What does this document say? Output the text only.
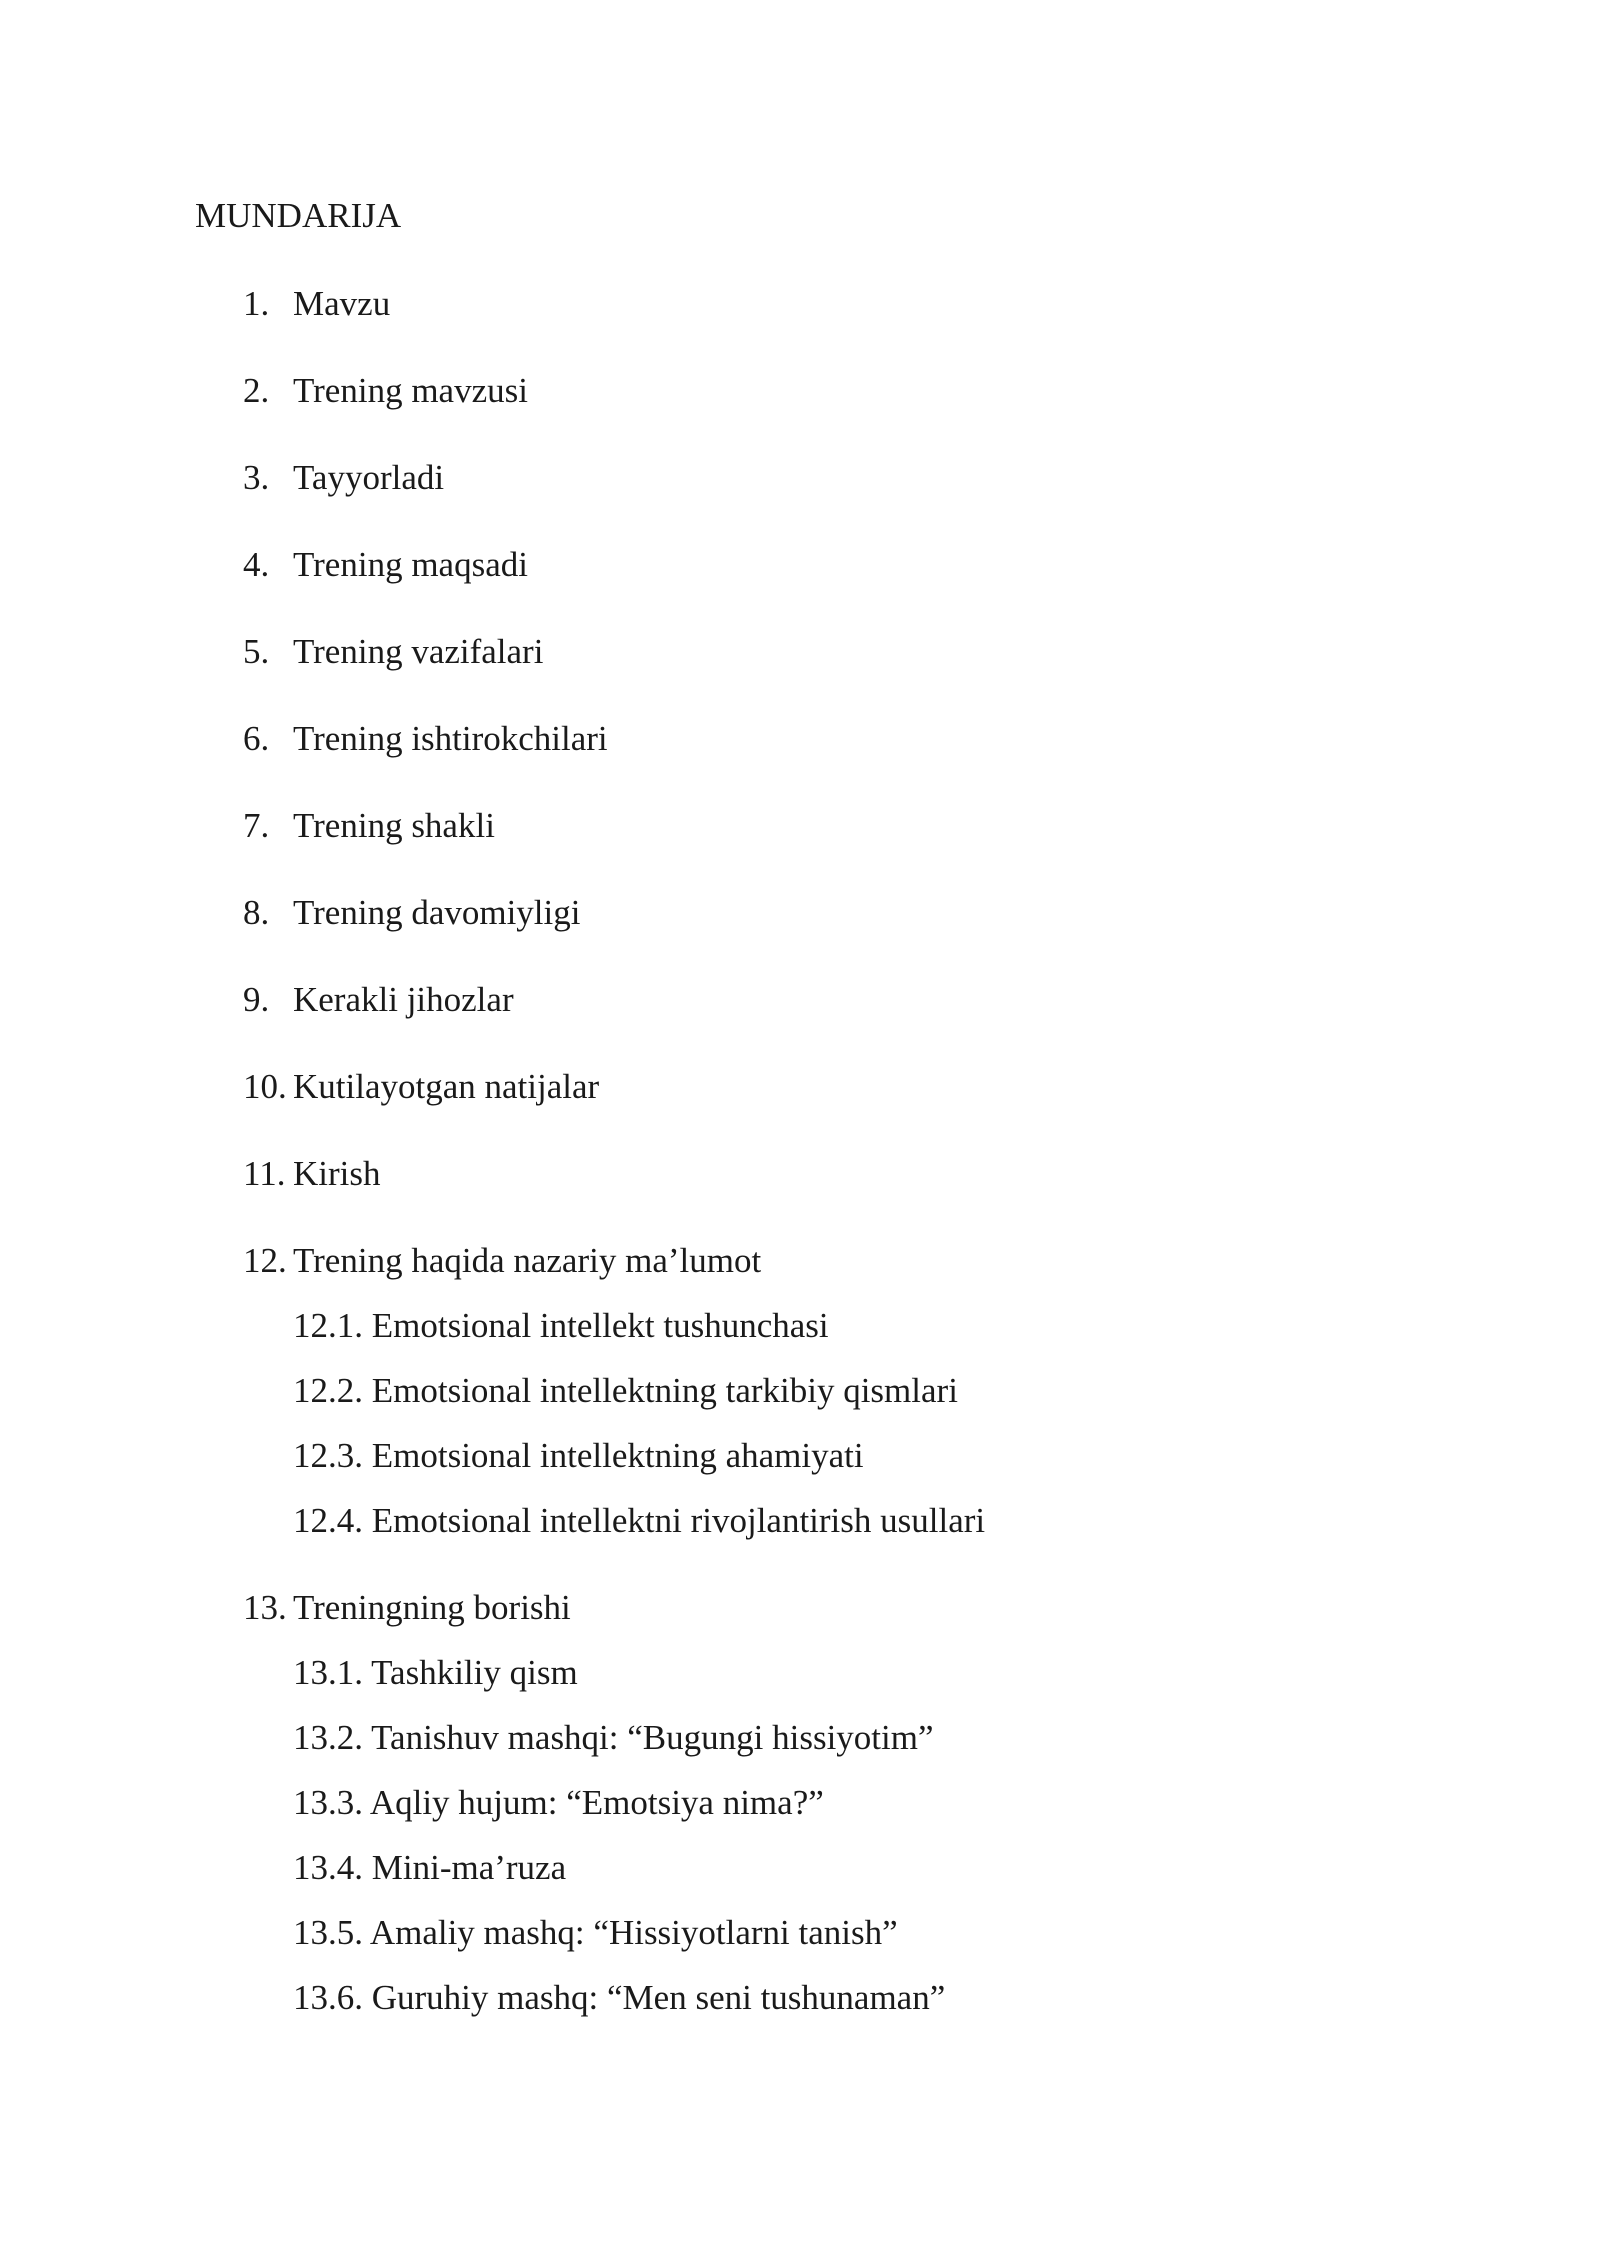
MUNDARIJA
1. Mavzu
2. Trening mavzusi
3. Tayyorladi
4. Trening maqsadi
5. Trening vazifalari
6. Trening ishtirokchilari
7. Trening shakli
8. Trening davomiyligi
9. Kerakli jihozlar
10. Kutilayotgan natijalar
11. Kirish
12. Trening haqida nazariy ma’lumot
12.1. Emotsional intellekt tushunchasi
12.2. Emotsional intellektning tarkibiy qismlari
12.3. Emotsional intellektning ahamiyati
12.4. Emotsional intellektni rivojlantirish usullari
13. Treningning borishi
13.1. Tashkiliy qism
13.2. Tanishuv mashqi: “Bugungi hissiyotim”
13.3. Aqliy hujum: “Emotsiya nima?”
13.4. Mini-ma’ruza
13.5. Amaliy mashq: “Hissiyotlarni tanish”
13.6. Guruhiy mashq: “Men seni tushunaman”
